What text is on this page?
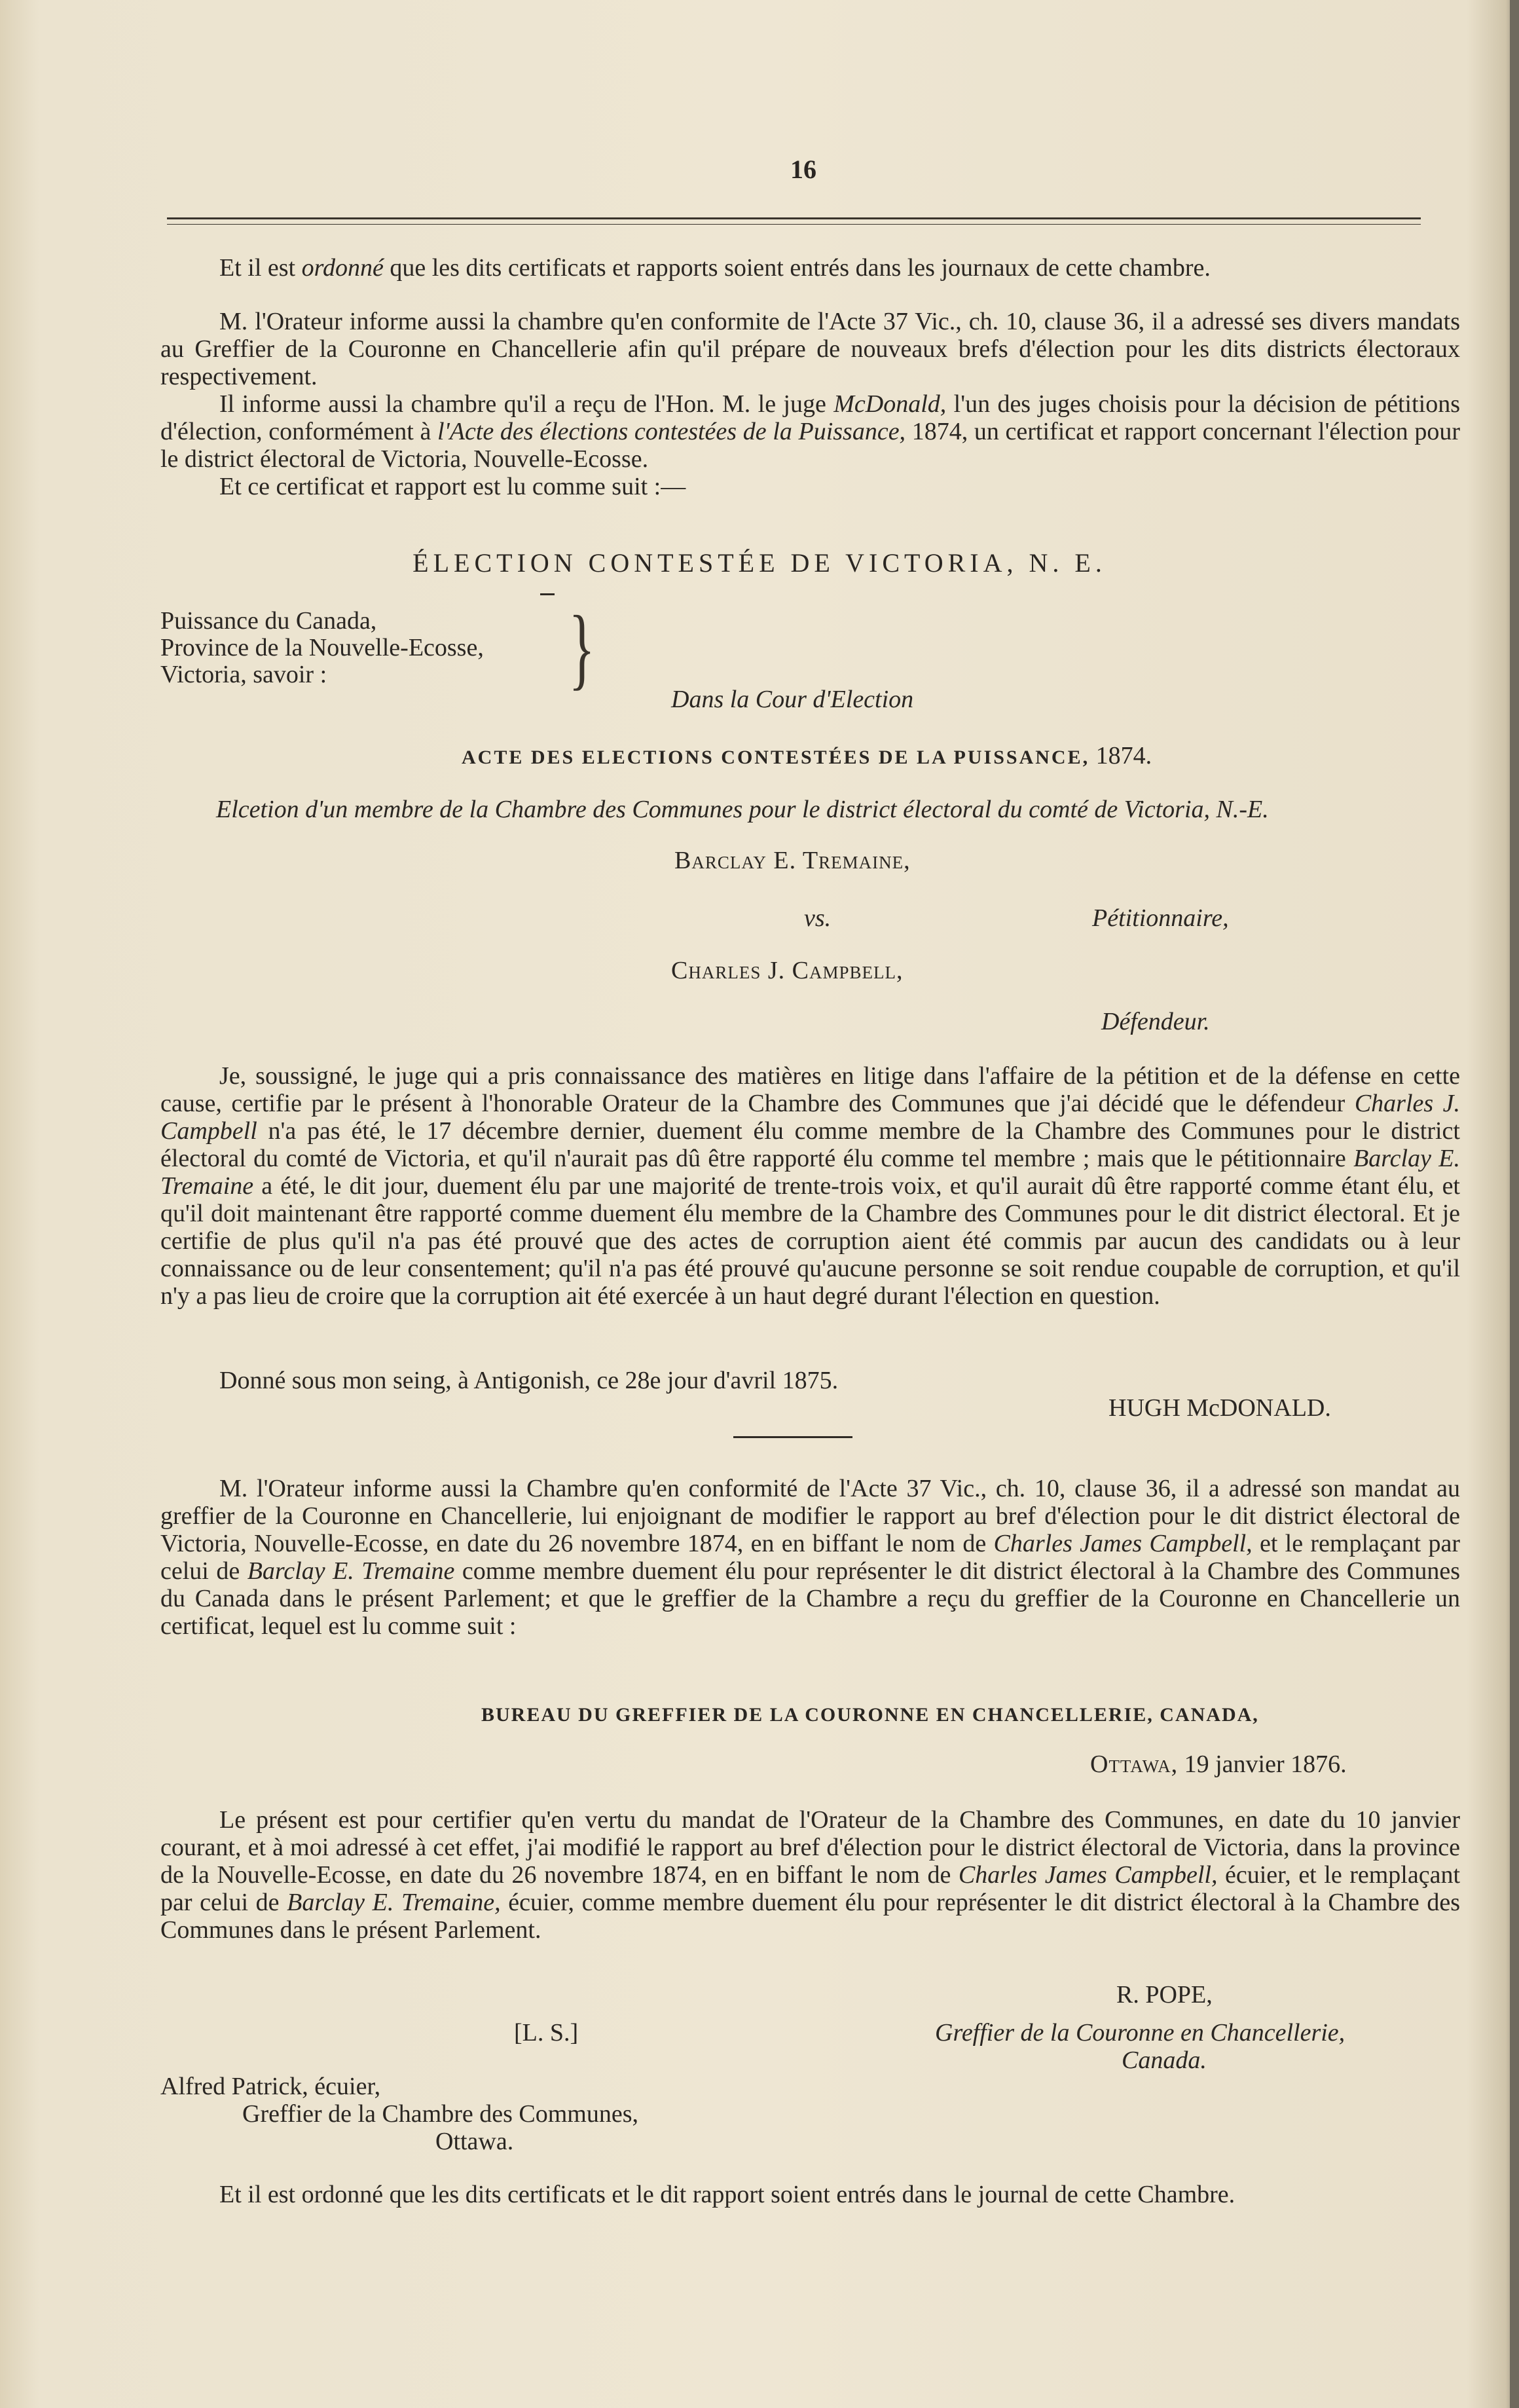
16

Et il est ordonné que les dits certificats et rapports soient entrés dans les journaux de cette chambre.

M. l'Orateur informe aussi la chambre qu'en conformite de l'Acte 37 Vic., ch. 10, clause 36, il a adressé ses divers mandats au Greffier de la Couronne en Chancellerie afin qu'il prépare de nouveaux brefs d'élection pour les dits districts électoraux respectivement.

Il informe aussi la chambre qu'il a reçu de l'Hon. M. le juge McDonald, l'un des juges choisis pour la décision de pétitions d'élection, conformément à l'Acte des élections contestées de la Puissance, 1874, un certificat et rapport concernant l'élection pour le district électoral de Victoria, Nouvelle-Ecosse.

Et ce certificat et rapport est lu comme suit :—

ÉLECTION CONTESTÉE DE VICTORIA, N. E.
Puissance du Canada,
Province de la Nouvelle-Ecosse,
Victoria, savoir :	}
Dans la Cour d'Election
ACTE DES ELECTIONS CONTESTÉES DE LA PUISSANCE, 1874.
Elcetion d'un membre de la Chambre des Communes pour le district électoral du comté de Victoria, N.-E.
Barclay E. Tremaine,
vs.	Pétitionnaire,
Charles J. Campbell,
Défendeur.

Je, soussigné, le juge qui a pris connaissance des matières en litige dans l'affaire de la pétition et de la défense en cette cause, certifie par le présent à l'honorable Orateur de la Chambre des Communes que j'ai décidé que le défendeur Charles J. Campbell n'a pas été, le 17 décembre dernier, duement élu comme membre de la Chambre des Communes pour le district électoral du comté de Victoria, et qu'il n'aurait pas dû être rapporté élu comme tel membre ; mais que le pétitionnaire Barclay E. Tremaine a été, le dit jour, duement élu par une majorité de trente-trois voix, et qu'il aurait dû être rapporté comme étant élu, et qu'il doit maintenant être rapporté comme duement élu membre de la Chambre des Communes pour le dit district électoral. Et je certifie de plus qu'il n'a pas été prouvé que des actes de corruption aient été commis par aucun des candidats ou à leur connaissance ou de leur consentement; qu'il n'a pas été prouvé qu'aucune personne se soit rendue coupable de corruption, et qu'il n'y a pas lieu de croire que la corruption ait été exercée à un haut degré durant l'élection en question.

Donné sous mon seing, à Antigonish, ce 28e jour d'avril 1875.

HUGH McDONALD.

M. l'Orateur informe aussi la Chambre qu'en conformité de l'Acte 37 Vic., ch. 10, clause 36, il a adressé son mandat au greffier de la Couronne en Chancellerie, lui enjoignant de modifier le rapport au bref d'élection pour le dit district électoral de Victoria, Nouvelle-Ecosse, en date du 26 novembre 1874, en en biffant le nom de Charles James Campbell, et le remplaçant par celui de Barclay E. Tremaine comme membre duement élu pour représenter le dit district électoral à la Chambre des Communes du Canada dans le présent Parlement; et que le greffier de la Chambre a reçu du greffier de la Couronne en Chancellerie un certificat, lequel est lu comme suit :

BUREAU DU GREFFIER DE LA COURONNE EN CHANCELLERIE, CANADA,
Ottawa, 19 janvier 1876.

Le présent est pour certifier qu'en vertu du mandat de l'Orateur de la Chambre des Communes, en date du 10 janvier courant, et à moi adressé à cet effet, j'ai modifié le rapport au bref d'élection pour le district électoral de Victoria, dans la province de la Nouvelle-Ecosse, en date du 26 novembre 1874, en en biffant le nom de Charles James Campbell, écuier, et le remplaçant par celui de Barclay E. Tremaine, écuier, comme membre duement élu pour représenter le dit district électoral à la Chambre des Communes dans le présent Parlement.

R. POPE,
[L. S.]	Greffier de la Couronne en Chancellerie,
Canada.
Alfred Patrick, écuier,
Greffier de la Chambre des Communes,
Ottawa.

Et il est ordonné que les dits certificats et le dit rapport soient entrés dans le journal de cette Chambre.
